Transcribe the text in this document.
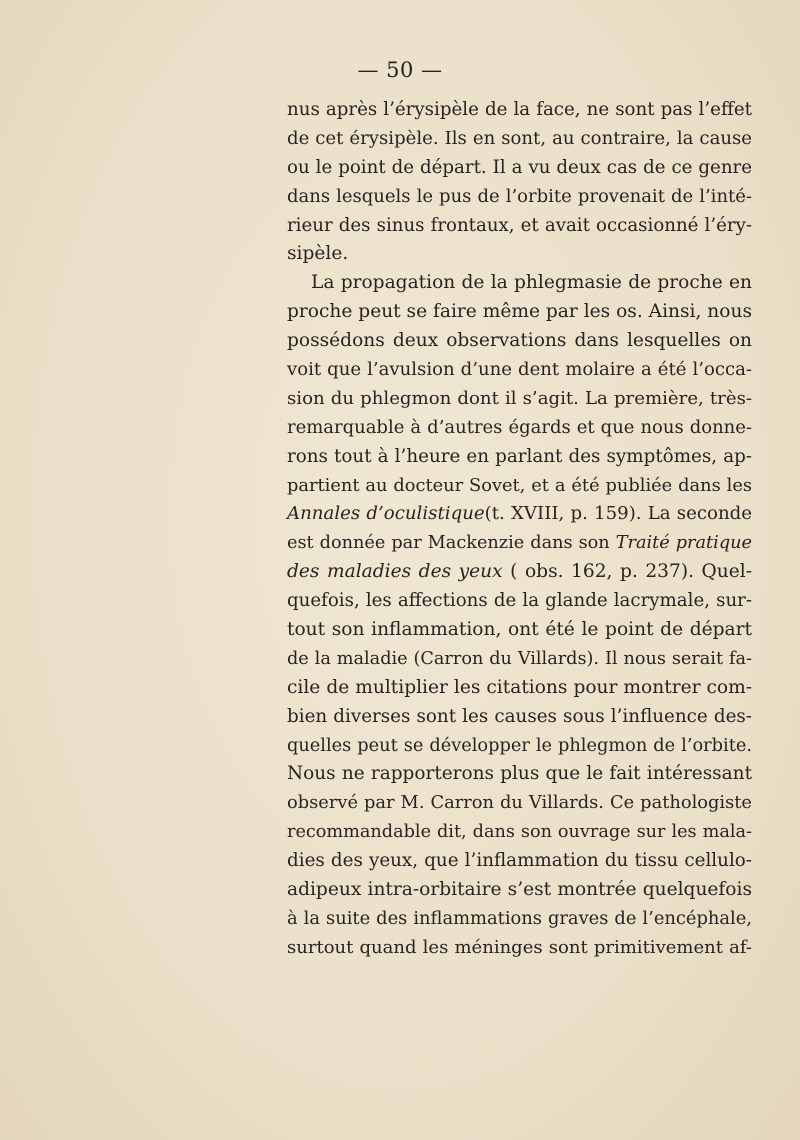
— 50 —
nus après l’érysipèle de la face, ne sont pas l’effet
de cet érysipèle. Ils en sont, au contraire, la cause
ou le point de départ. Il a vu deux cas de ce genre
dans lesquels le pus de l’orbite provenait de l’inté-
rieur des sinus frontaux, et avait occasionné l’éry-
sipèle.
La propagation de la phlegmasie de proche en
proche peut se faire même par les os. Ainsi, nous
possédons deux observations dans lesquelles on
voit que l’avulsion d’une dent molaire a été l’occa-
sion du phlegmon dont il s’agit. La première, très-
remarquable à d’autres égards et que nous donne-
rons tout à l’heure en parlant des symptômes, ap-
partient au docteur Sovet, et a été publiée dans les
Annales d’oculistique(t. XVIII, p. 159). La seconde
est donnée par Mackenzie dans son Traité pratique
des maladies des yeux ( obs. 162, p. 237). Quel-
quefois, les affections de la glande lacrymale, sur-
tout son inflammation, ont été le point de départ
de la maladie (Carron du Villards). Il nous serait fa-
cile de multiplier les citations pour montrer com-
bien diverses sont les causes sous l’influence des-
quelles peut se développer le phlegmon de l’orbite.
Nous ne rapporterons plus que le fait intéressant
observé par M. Carron du Villards. Ce pathologiste
recommandable dit, dans son ouvrage sur les mala-
dies des yeux, que l’inflammation du tissu cellulo-
adipeux intra-orbitaire s’est montrée quelquefois
à la suite des inflammations graves de l’encéphale,
surtout quand les méninges sont primitivement af-
